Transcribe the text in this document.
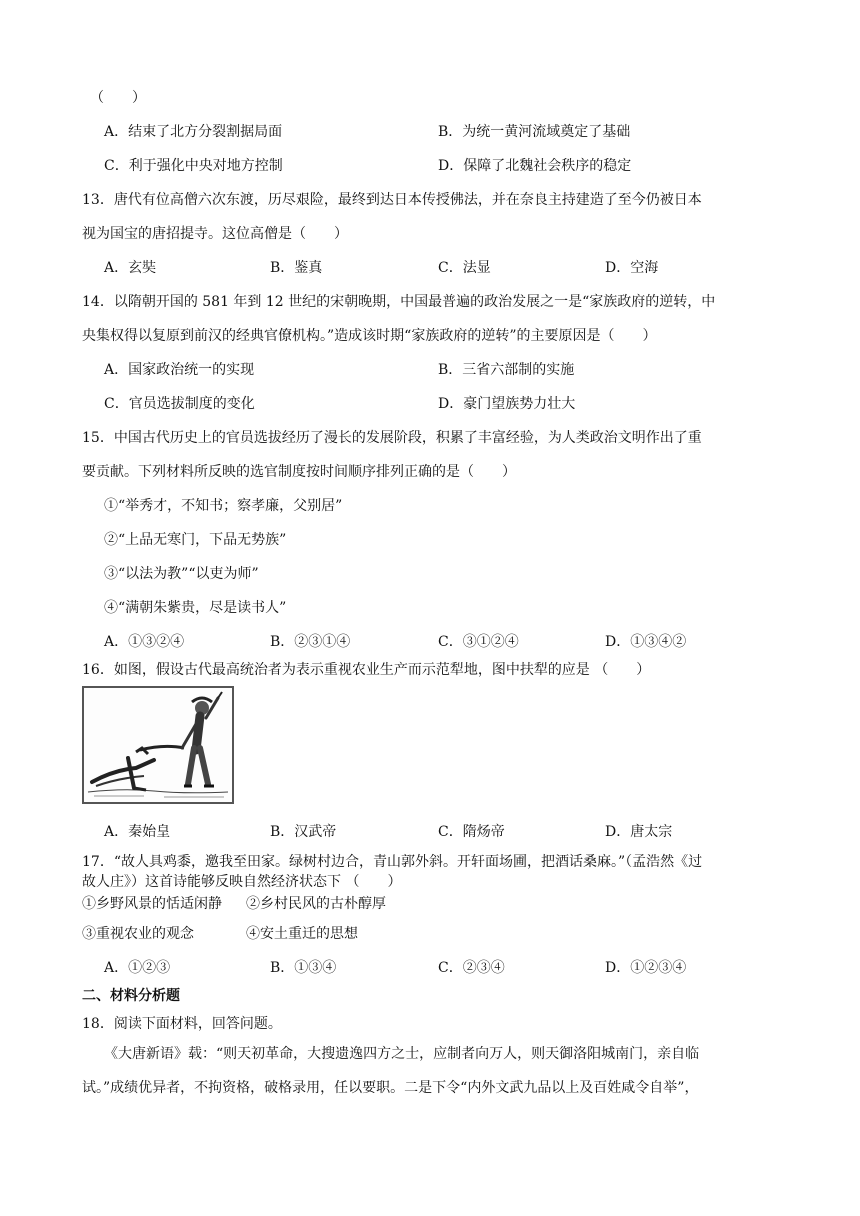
（　　）
A．结束了北方分裂割据局面	B．为统一黄河流域奠定了基础
C．利于强化中央对地方控制	D．保障了北魏社会秩序的稳定
13．唐代有位高僧六次东渡，历尽艰险，最终到达日本传授佛法，并在奈良主持建造了至今仍被日本
视为国宝的唐招提寺。这位高僧是（　　）
A．玄奘	B．鉴真	C．法显	D．空海
14．以隋朝开国的 581 年到 12 世纪的宋朝晚期，中国最普遍的政治发展之一是“家族政府的逆转，中
央集权得以复原到前汉的经典官僚机构。”造成该时期“家族政府的逆转”的主要原因是（　　）
A．国家政治统一的实现	B．三省六部制的实施
C．官员选拔制度的变化	D．豪门望族势力壮大
15．中国古代历史上的官员选拔经历了漫长的发展阶段，积累了丰富经验，为人类政治文明作出了重
要贡献。下列材料所反映的选官制度按时间顺序排列正确的是（　　）
①“举秀才，不知书；察孝廉，父别居”
②“上品无寒门，下品无势族”
③“以法为教”“以吏为师”
④“满朝朱紫贵，尽是读书人”
A．①③②④	B．②③①④	C．③①②④	D．①③④②
16．如图，假设古代最高统治者为表示重视农业生产而示范犁地，图中扶犁的应是 （　　）
A．秦始皇	B．汉武帝	C．隋炀帝	D．唐太宗
17．“故人具鸡黍，邀我至田家。绿树村边合，青山郭外斜。开轩面场圃，把酒话桑麻。”（孟浩然《过
故人庄》）这首诗能够反映自然经济状态下 （　　）
①乡野风景的恬适闲静 ②乡村民风的古朴醇厚
③重视农业的观念	④安土重迁的思想
A．①②③	B．①③④	C．②③④	D．①②③④
二、材料分析题
18．阅读下面材料，回答问题。
《大唐新语》载：“则天初革命，大搜遗逸四方之士，应制者向万人，则天御洛阳城南门，亲自临
试。”成绩优异者，不拘资格，破格录用，任以要职。二是下令“内外文武九品以上及百姓咸令自举”，
